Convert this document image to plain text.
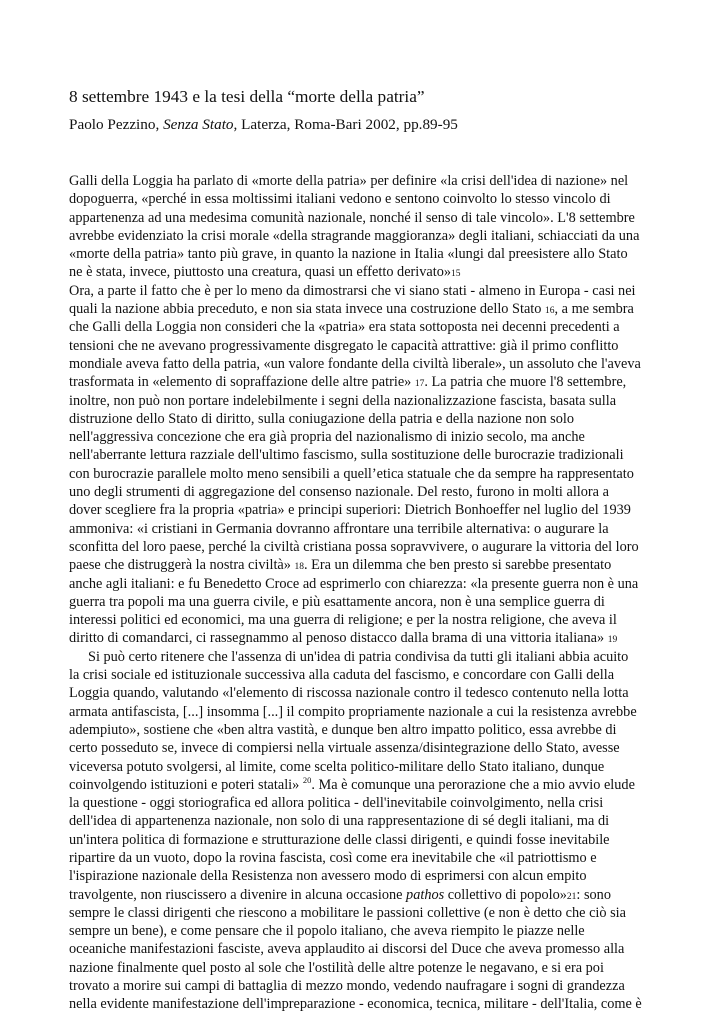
8 settembre 1943 e la tesi della “morte della patria”

Paolo Pezzino, Senza Stato, Laterza, Roma-Bari 2002, pp.89-95

Galli della Loggia ha parlato di «morte della patria» per definire «la crisi dell'idea di nazione» nel
dopoguerra, «perché in essa moltissimi italiani vedono e sentono coinvolto lo stesso vincolo di
appartenenza ad una medesima comunità nazionale, nonché il senso di tale vincolo». L'8 settembre
avrebbe evidenziato la crisi morale «della stragrande maggioranza» degli italiani, schiacciati da una
«morte della patria» tanto più grave, in quanto la nazione in Italia «lungi dal preesistere allo Stato
ne è stata, invece, piuttosto una creatura, quasi un effetto derivato»15
Ora, a parte il fatto che è per lo meno da dimostrarsi che vi siano stati - almeno in Europa - casi nei
quali la nazione abbia preceduto, e non sia stata invece una costruzione dello Stato 16, a me sembra
che Galli della Loggia non consideri che la «patria» era stata sottoposta nei decenni precedenti a
tensioni che ne avevano progressivamente disgregato le capacità attrattive: già il primo conflitto
mondiale aveva fatto della patria, «un valore fondante della civiltà liberale», un assoluto che l'aveva
trasformata in «elemento di sopraffazione delle altre patrie» 17. La patria che muore l'8 settembre,
inoltre, non può non portare indelebilmente i segni della nazionalizzazione fascista, basata sulla
distruzione dello Stato di diritto, sulla coniugazione della patria e della nazione non solo
nell'aggressiva concezione che era già propria del nazionalismo di inizio secolo, ma anche
nell'aberrante lettura razziale dell'ultimo fascismo, sulla sostituzione delle burocrazie tradizionali
con burocrazie parallele molto meno sensibili a quell’etica statuale che da sempre ha rappresentato
uno degli strumenti di aggregazione del consenso nazionale. Del resto, furono in molti allora a
dover scegliere fra la propria «patria» e principi superiori: Dietrich Bonhoeffer nel luglio del 1939
ammoniva: «i cristiani in Germania dovranno affrontare una terribile alternativa: o augurare la
sconfitta del loro paese, perché la civiltà cristiana possa sopravvivere, o augurare la vittoria del loro
paese che distruggerà la nostra civiltà» 18. Era un dilemma che ben presto si sarebbe presentato
anche agli italiani: e fu Benedetto Croce ad esprimerlo con chiarezza: «la presente guerra non è una
guerra tra popoli ma una guerra civile, e più esattamente ancora, non è una semplice guerra di
interessi politici ed economici, ma una guerra di religione; e per la nostra religione, che aveva il
diritto di comandarci, ci rassegnammo al penoso distacco dalla brama di una vittoria italiana» 19
Si può certo ritenere che l'assenza di un'idea di patria condivisa da tutti gli italiani abbia acuito
la crisi sociale ed istituzionale successiva alla caduta del fascismo, e concordare con Galli della
Loggia quando, valutando «l'elemento di riscossa nazionale contro il tedesco contenuto nella lotta
armata antifascista, [...] insomma [...] il compito propriamente nazionale a cui la resistenza avrebbe
adempiuto», sostiene che «ben altra vastità, e dunque ben altro impatto politico, essa avrebbe di
certo posseduto se, invece di compiersi nella virtuale assenza/disintegrazione dello Stato, avesse
viceversa potuto svolgersi, al limite, come scelta politico-militare dello Stato italiano, dunque
coinvolgendo istituzioni e poteri statali» $^{20}$. Ma è comunque una perorazione che a mio avvio elude
la questione - oggi storiografica ed allora politica - dell'inevitabile coinvolgimento, nella crisi
dell'idea di appartenenza nazionale, non solo di una rappresentazione di sé degli italiani, ma di
un'intera politica di formazione e strutturazione delle classi dirigenti, e quindi fosse inevitabile
ripartire da un vuoto, dopo la rovina fascista, così come era inevitabile che «il patriottismo e
l'ispirazione nazionale della Resistenza non avessero modo di esprimersi con alcun empito
travolgente, non riuscissero a divenire in alcuna occasione pathos collettivo di popolo»21: sono
sempre le classi dirigenti che riescono a mobilitare le passioni collettive (e non è detto che ciò sia
sempre un bene), e come pensare che il popolo italiano, che aveva riempito le piazze nelle
oceaniche manifestazioni fasciste, aveva applaudito ai discorsi del Duce che aveva promesso alla
nazione finalmente quel posto al sole che l'ostilità delle altre potenze le negavano, e si era poi
trovato a morire sui campi di battaglia di mezzo mondo, vedendo naufragare i sogni di grandezza
nella evidente manifestazione dell'impreparazione - economica, tecnica, militare - dell'Italia, come è
